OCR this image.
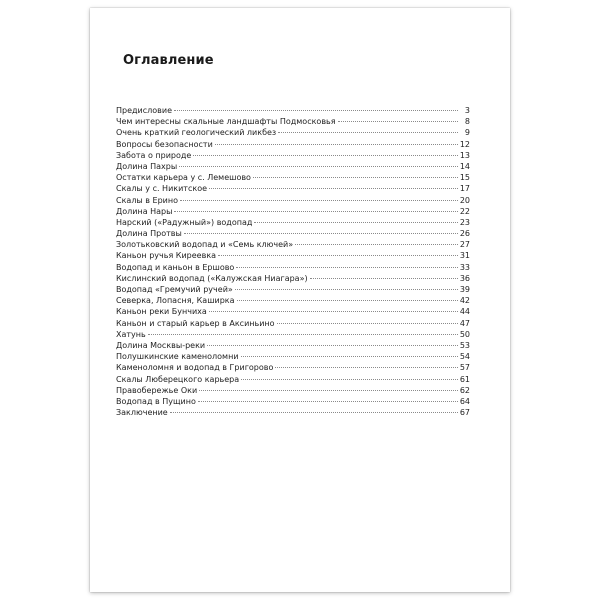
Оглавление
Предисловие	3
Чем интересны скальные ландшафты Подмосковья	8
Очень краткий геологический ликбез	9
Вопросы безопасности	12
Забота о природе	13
Долина Пахры	14
Остатки карьера у с. Лемешово	15
Скалы у с. Никитское	17
Скалы в Ерино	20
Долина Нары	22
Нарский («Радужный») водопад	23
Долина Протвы	26
Золотьковский водопад и «Семь ключей»	27
Каньон ручья Киреевка	31
Водопад и каньон в Ершово	33
Кислинский водопад («Калужская Ниагара»)	36
Водопад «Гремучий ручей»	39
Северка, Лопасня, Каширка	42
Каньон реки Бунчиха	44
Каньон и старый карьер в Аксиньино	47
Хатунь	50
Долина Москвы-реки	53
Полушкинские каменоломни	54
Каменоломня и водопад в Григорово	57
Скалы Люберецкого карьера	61
Правобережье Оки	62
Водопад в Пущино	64
Заключение	67
